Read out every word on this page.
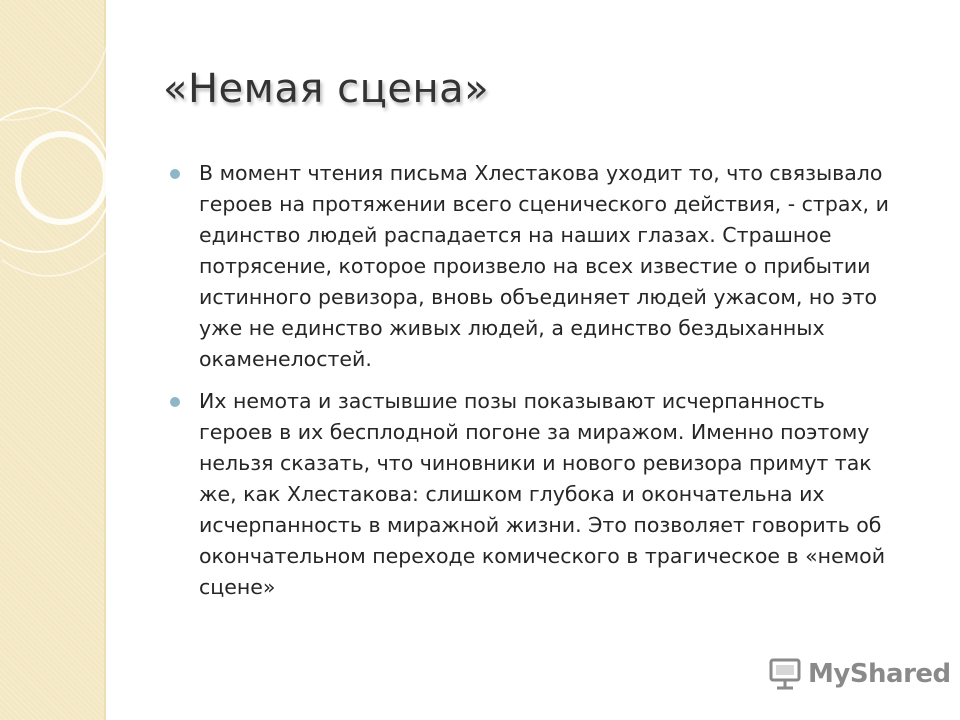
«Немая сцена»
В момент чтения письма Хлестакова уходит то, что связывало
героев на протяжении всего сценического действия, - страх, и
единство людей распадается на наших глазах. Страшное
потрясение, которое произвело на всех известие о прибытии
истинного ревизора, вновь объединяет людей ужасом, но это
уже не единство живых людей, а единство бездыханных
окаменелостей.
Их немота и застывшие позы показывают исчерпанность
героев в их бесплодной погоне за миражом. Именно поэтому
нельзя сказать, что чиновники и нового ревизора примут так
же, как Хлестакова: слишком глубока и окончательна их
исчерпанность в миражной жизни. Это позволяет говорить об
окончательном переходе комического в трагическое в «немой
сцене»
MyShared
